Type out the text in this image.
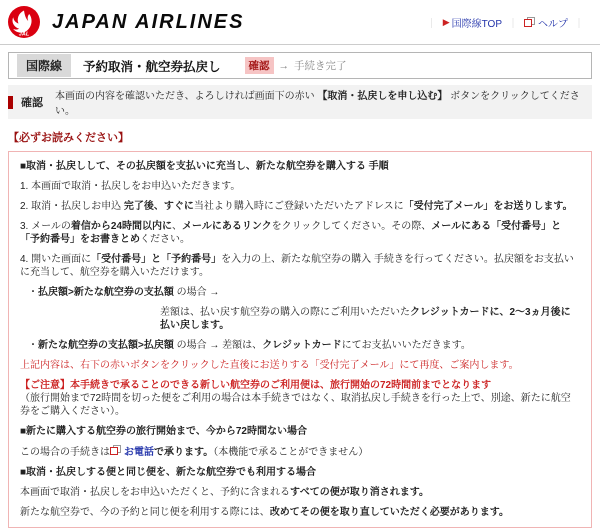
JAL
JAPAN AIRLINES	｜ ▶ 国際線TOP ｜ ヘルプ ｜
国際線	予約取消・航空券払戻し	確認 → 手続き完了
確認
本画面の内容を確認いただき、よろしければ画面下の赤い 【取消・払戻しを申し込む】 ボタンをクリックしてください。
【必ずお読みください】

■取消・払戻しして、その払戻額を支払いに充当し、新たな航空券を購入する 手順

1. 本画面で取消・払戻しをお申込いただきます。

2. 取消・払戻しお申込 完了後、すぐに当社より購入時にご登録いただいたアドレスに「受付完了メール」をお送りします。

3. メールの着信から24時間以内に、メールにあるリンクをクリックしてください。その際、メールにある「受付番号」と「予約番号」をお書きとめください。

4. 開いた画面に「受付番号」と「予約番号」を入力の上、新たな航空券の購入 手続きを行ってください。払戻額をお支払いに充当して、航空券を購入いただけます。

・払戻額>新たな航空券の支払額 の場合 →

差額は、払い戻す航空券の購入の際にご利用いただいたクレジットカードに、2～3ヵ月後に払い戻します。

・新たな航空券の支払額>払戻額 の場合 → 差額は、クレジットカードにてお支払いいただきます。

上記内容は、右下の赤いボタンをクリックした直後にお送りする「受付完了メール」にて再度、ご案内します。

【ご注意】本手続きで承ることのできる新しい航空券のご利用便は、旅行開始の72時間前までとなります
（旅行開始まで72時間を切った便をご利用の場合は本手続きではなく、取消払戻し手続きを行った上で、別途、新たに航空券をご購入ください）。

■新たに購入する航空券の旅行開始まで、今から72時間ない場合

この場合の手続きは お電話で承ります。（本機能で承ることができません）

■取消・払戻しする便と同じ便を、新たな航空券でも利用する場合

本画面で取消・払戻しをお申込いただくと、予約に含まれるすべての便が取り消されます。

新たな航空券で、今の予約と同じ便を利用する際には、改めてその便を取り直していただく必要があります。
